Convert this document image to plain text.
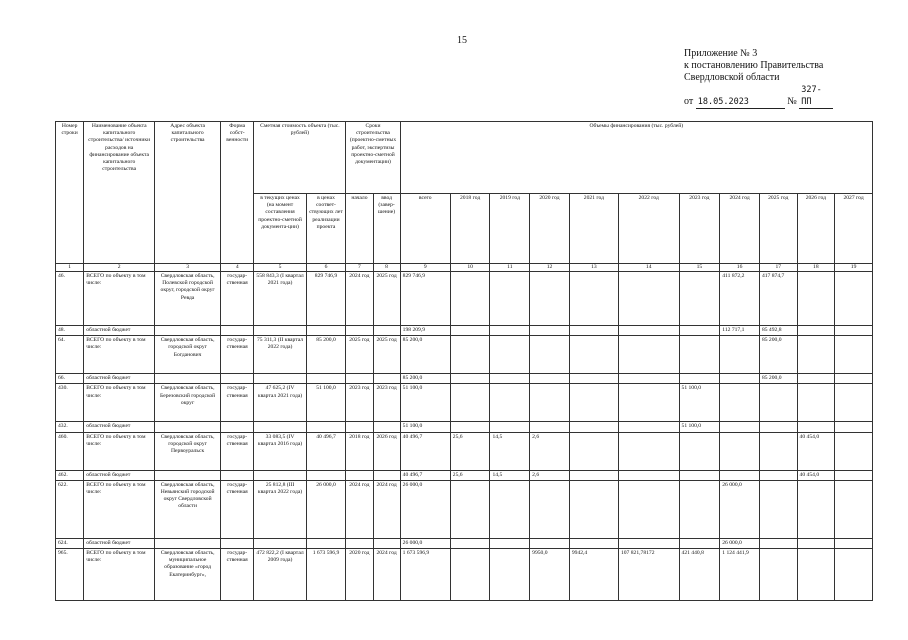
15
Приложение № 3
к постановлению Правительства
Свердловской области
от 18.05.2023	№ 327-ПП
Номер строки	Наименование объекта капитального строительства/ источники расходов на финансирование объекта капитального строительства	Адрес объекта капитального строительства	Форма собст-венности	Сметная стоимость объекта (тыс. рублей)		Сроки строительства (проектно-сметных работ, экспертизы проектно-сметной документации)		Объемы финансирования (тыс. рублей)										
				в текущих ценах (на момент составления проектно-сметной документа-ции)	в ценах соответ-ствующих лет реализации проекта	начало	ввод (завер-шение)	всего	2018 год	2019 год	2020 год	2021 год	2022 год	2023 год	2024 год	2025 год	2026 год	2027 год
1	2	3	4	5	6	7	8	9	10	11	12	13	14	15	16	17	18	19
46.	ВСЕГО по объекту в том числе:	Свердловская область, Полевской городской округ, городской округ Ревда	государ-ственная	558 843,3 (I квартал 2021 года)	829 746,9	2024 год	2025 год	829 746,9							411 872,2	417 874,7		
48.	областной бюджет							198 209,9							112 717,1	85 492,8		
64.	ВСЕГО по объекту в том числе:	Свердловская область, городской округ Богданович	государ-ственная	75 311,3 (II квартал 2022 года)	85 200,0	2025 год	2025 год	85 200,0								85 200,0		
66.	областной бюджет							85 200,0								85 200,0		
430.	ВСЕГО по объекту в том числе:	Свердловская область, Березовский городской округ	государ-ственная	47 625,2 (IV квартал 2021 года)	51 100,0	2023 год	2023 год	51 100,0						51 100,0				
432.	областной бюджет							51 100,0						51 100,0				
460.	ВСЕГО по объекту в том числе:	Свердловская область, городской округ Первоуральск	государ-ственная	33 083,5 (IV квартал 2016 года)	40 496,7	2018 год	2026 год	40 496,7	25,6	14,5	2,6						40 454,0	
462.	областной бюджет							40 496,7	25,6	14,5	2,6						40 454,0	
622.	ВСЕГО по объекту в том числе:	Свердловская область, Невьянский городской округ Свердловской области	государ-ственная	25 812,8 (III квартал 2022 года)	26 000,0	2024 год	2024 год	26 000,0							26 000,0			
624.	областной бюджет							26 000,0							26 000,0			
965.	ВСЕГО по объекту в том числе:	Свердловская область, муниципальное образование «город Екатеринбург»,	государ-ственная	472 822,2 (I квартал 2009 года)	1 673 596,9	2020 год	2024 год	1 673 596,9			9950,0	9942,4	107 821,78172	421 440,8	1 124 441,9			
